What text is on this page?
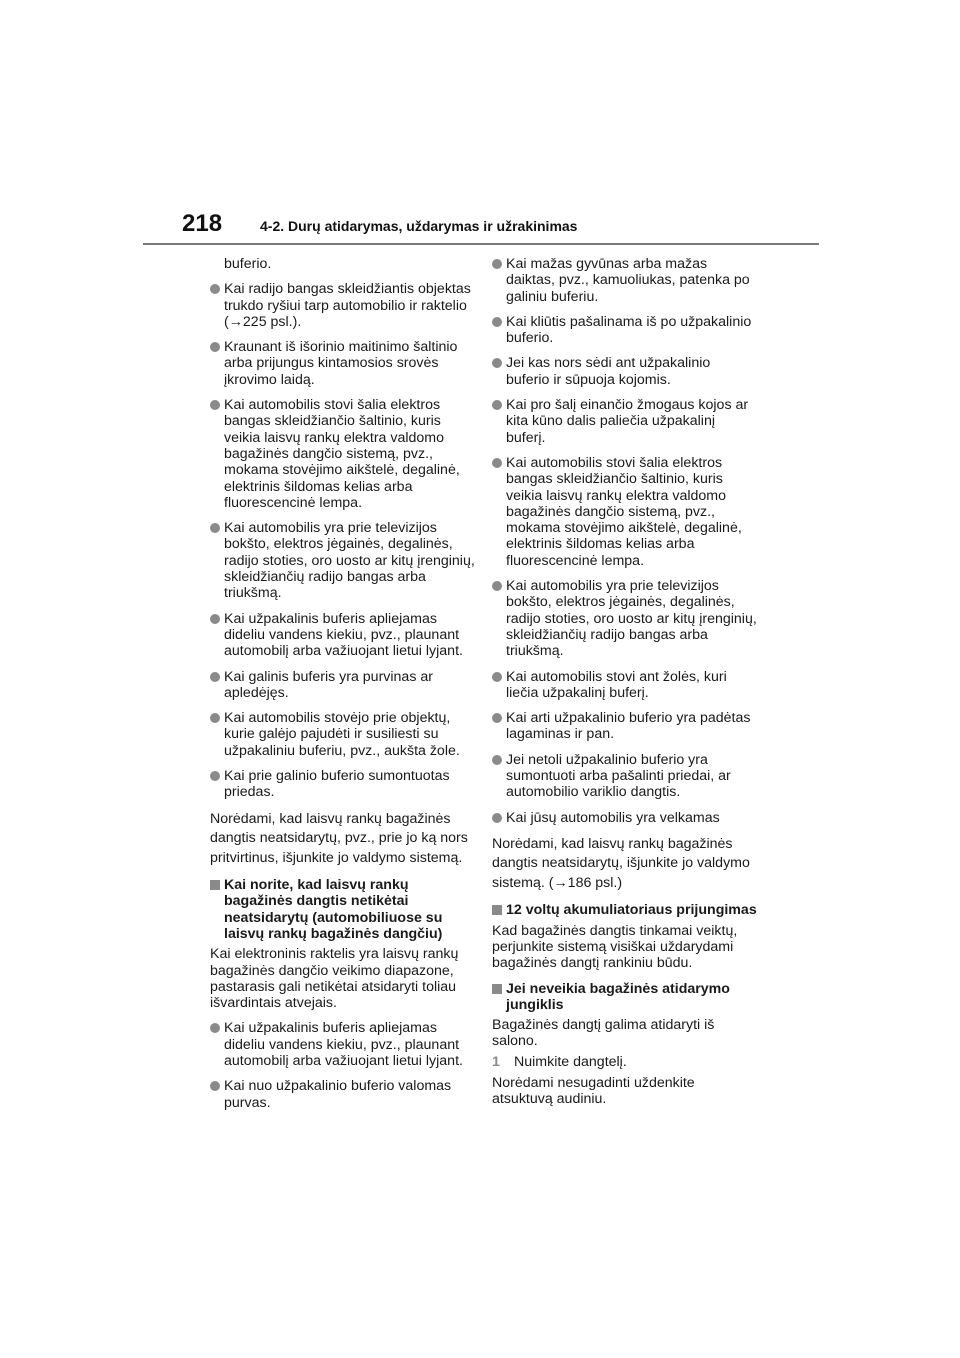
218	4-2. Durų atidarymas, uždarymas ir užrakinimas
buferio.
Kai radijo bangas skleidžiantis objektas trukdo ryšiui tarp automobilio ir raktelio (→225 psl.).
Kraunant iš išorinio maitinimo šaltinio arba prijungus kintamosios srovės įkrovimo laidą.
Kai automobilis stovi šalia elektros bangas skleidžiančio šaltinio, kuris veikia laisvų rankų elektra valdomo bagažinės dangčio sistemą, pvz., mokama stovėjimo aikštelė, degalinė, elektrinis šildomas kelias arba fluorescencinė lempa.
Kai automobilis yra prie televizijos bokšto, elektros jėgainės, degalinės, radijo stoties, oro uosto ar kitų įrenginių, skleidžiančių radijo bangas arba triukšmą.
Kai užpakalinis buferis apliejamas dideliu vandens kiekiu, pvz., plaunant automobilį arba važiuojant lietui lyjant.
Kai galinis buferis yra purvinas ar apledėjęs.
Kai automobilis stovėjo prie objektų, kurie galėjo pajudėti ir susiliesti su užpakaliniu buferiu, pvz., aukšta žole.
Kai prie galinio buferio sumontuotas priedas.

Norėdami, kad laisvų rankų bagažinės dangtis neatsidarytų, pvz., prie jo ką nors pritvirtinus, išjunkite jo valdymo sistemą.

Kai norite, kad laisvų rankų bagažinės dangtis netikėtai neatsidarytų (automobiliuose su laisvų rankų bagažinės dangčiu)

Kai elektroninis raktelis yra laisvų rankų bagažinės dangčio veikimo diapazone, pastarasis gali netikėtai atsidaryti toliau išvardintais atvejais.

Kai užpakalinis buferis apliejamas dideliu vandens kiekiu, pvz., plaunant automobilį arba važiuojant lietui lyjant.
Kai nuo užpakalinio buferio valomas purvas.
Kai mažas gyvūnas arba mažas daiktas, pvz., kamuoliukas, patenka po galiniu buferiu.
Kai kliūtis pašalinama iš po užpakalinio buferio.
Jei kas nors sėdi ant užpakalinio buferio ir sūpuoja kojomis.
Kai pro šalį einančio žmogaus kojos ar kita kūno dalis paliečia užpakalinį buferį.
Kai automobilis stovi šalia elektros bangas skleidžiančio šaltinio, kuris veikia laisvų rankų elektra valdomo bagažinės dangčio sistemą, pvz., mokama stovėjimo aikštelė, degalinė, elektrinis šildomas kelias arba fluorescencinė lempa.
Kai automobilis yra prie televizijos bokšto, elektros jėgainės, degalinės, radijo stoties, oro uosto ar kitų įrenginių, skleidžiančių radijo bangas arba triukšmą.
Kai automobilis stovi ant žolės, kuri liečia užpakalinį buferį.
Kai arti užpakalinio buferio yra padėtas lagaminas ir pan.
Jei netoli užpakalinio buferio yra sumontuoti arba pašalinti priedai, ar automobilio variklio dangtis.
Kai jūsų automobilis yra velkamas

Norėdami, kad laisvų rankų bagažinės dangtis neatsidarytų, išjunkite jo valdymo sistemą. (→186 psl.)

12 voltų akumuliatoriaus prijungimas

Kad bagažinės dangtis tinkamai veiktų, perjunkite sistemą visiškai uždarydami bagažinės dangtį rankiniu būdu.

Jei neveikia bagažinės atidarymo jungiklis

Bagažinės dangtį galima atidaryti iš salono.

1 Nuimkite dangtelį.

Norėdami nesugadinti uždenkite atsuktuvą audiniu.
